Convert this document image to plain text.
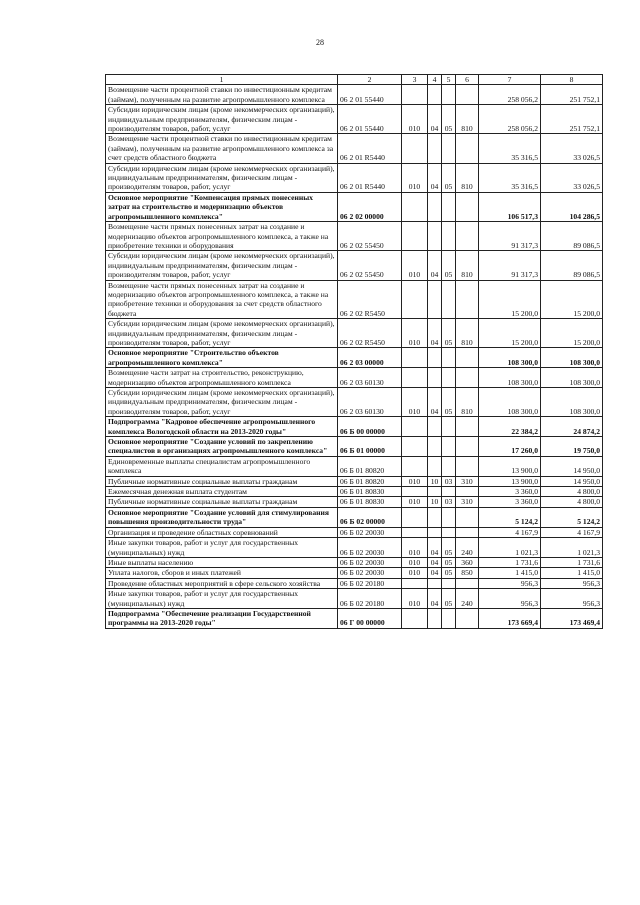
28
1	2	3	4	5	6	7	8
Возмещение части процентной ставки по инвестиционным кредитам (займам), полученным на развитие агропромышленного комплекса	06 2 01 55440					258 056,2	251 752,1
Субсидии юридическим лицам (кроме некоммерческих организаций), индивидуальным предпринимателям, физическим лицам - производителям товаров, работ, услуг	06 2 01 55440	010	04	05	810	258 056,2	251 752,1
Возмещение части процентной ставки по инвестиционным кредитам (займам), полученным на развитие агропромышленного комплекса за счет средств областного бюджета	06 2 01 R5440					35 316,5	33 026,5
Субсидии юридическим лицам (кроме некоммерческих организаций), индивидуальным предпринимателям, физическим лицам - производителям товаров, работ, услуг	06 2 01 R5440	010	04	05	810	35 316,5	33 026,5
Основное мероприятие "Компенсация прямых понесенных затрат на строительство и модернизацию объектов агропромышленного комплекса"	06 2 02 00000					106 517,3	104 286,5
Возмещение части прямых понесенных затрат на создание и модернизацию объектов агропромышленного комплекса, а также на приобретение техники и оборудования	06 2 02 55450					91 317,3	89 086,5
Субсидии юридическим лицам (кроме некоммерческих организаций), индивидуальным предпринимателям, физическим лицам - производителям товаров, работ, услуг	06 2 02 55450	010	04	05	810	91 317,3	89 086,5
Возмещение части прямых понесенных затрат на создание и модернизацию объектов агропромышленного комплекса, а также на приобретение техники и оборудования за счет средств областного бюджета	06 2 02 R5450					15 200,0	15 200,0
Субсидии юридическим лицам (кроме некоммерческих организаций), индивидуальным предпринимателям, физическим лицам - производителям товаров, работ, услуг	06 2 02 R5450	010	04	05	810	15 200,0	15 200,0
Основное мероприятие "Строительство объектов агропромышленного комплекса"	06 2 03 00000					108 300,0	108 300,0
Возмещение части затрат на строительство, реконструкцию, модернизацию объектов агропромышленного комплекса	06 2 03 60130					108 300,0	108 300,0
Субсидии юридическим лицам (кроме некоммерческих организаций), индивидуальным предпринимателям, физическим лицам - производителям товаров, работ, услуг	06 2 03 60130	010	04	05	810	108 300,0	108 300,0
Подпрограмма "Кадровое обеспечение агропромышленного комплекса Вологодской области на 2013-2020 годы"	06 Б 00 00000					22 384,2	24 874,2
Основное мероприятие "Создание условий по закреплению специалистов в организациях агропромышленного комплекса"	06 Б 01 00000					17 260,0	19 750,0
Единовременные выплаты специалистам агропромышленного комплекса	06 Б 01 80820					13 900,0	14 950,0
Публичные нормативные социальные выплаты гражданам	06 Б 01 80820	010	10	03	310	13 900,0	14 950,0
Ежемесячная денежная выплата студентам	06 Б 01 80830					3 360,0	4 800,0
Публичные нормативные социальные выплаты гражданам	06 Б 01 80830	010	10	03	310	3 360,0	4 800,0
Основное мероприятие "Создание условий для стимулирования повышения производительности труда"	06 Б 02 00000					5 124,2	5 124,2
Организация и проведение областных соревнований	06 Б 02 20030					4 167,9	4 167,9
Иные закупки товаров, работ и услуг для государственных (муниципальных) нужд	06 Б 02 20030	010	04	05	240	1 021,3	1 021,3
Иные выплаты населению	06 Б 02 20030	010	04	05	360	1 731,6	1 731,6
Уплата налогов, сборов и иных платежей	06 Б 02 20030	010	04	05	850	1 415,0	1 415,0
Проведение областных мероприятий в сфере сельского хозяйства	06 Б 02 20180					956,3	956,3
Иные закупки товаров, работ и услуг для государственных (муниципальных) нужд	06 Б 02 20180	010	04	05	240	956,3	956,3
Подпрограмма "Обеспечение реализации Государственной программы на 2013-2020 годы"	06 Г 00 00000					173 669,4	173 469,4
